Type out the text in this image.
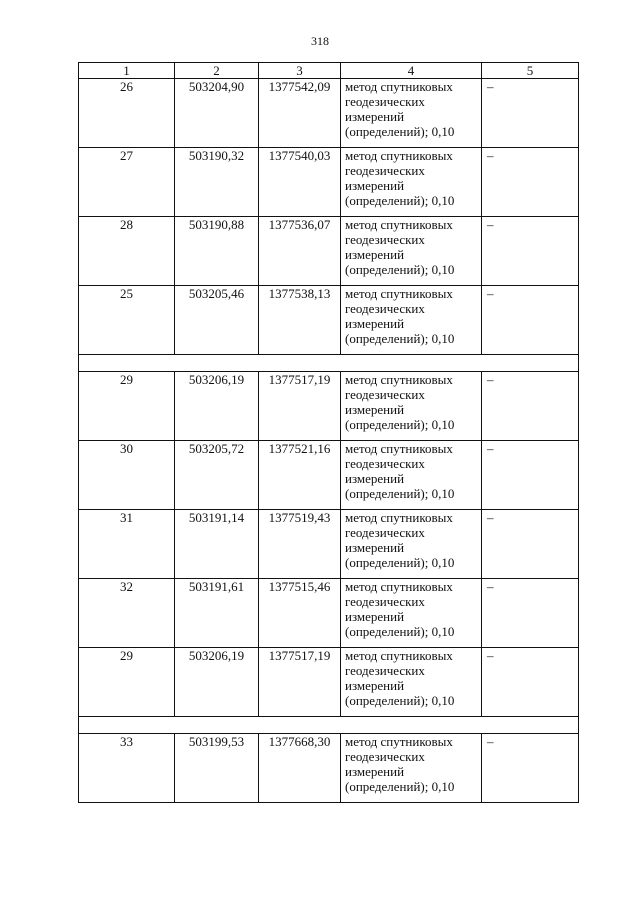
318
1	2	3	4	5
26	503204,90	1377542,09	метод спутниковых геодезических измерений (определений); 0,10	–
27	503190,32	1377540,03	метод спутниковых геодезических измерений (определений); 0,10	–
28	503190,88	1377536,07	метод спутниковых геодезических измерений (определений); 0,10	–
25	503205,46	1377538,13	метод спутниковых геодезических измерений (определений); 0,10	–

29	503206,19	1377517,19	метод спутниковых геодезических измерений (определений); 0,10	–
30	503205,72	1377521,16	метод спутниковых геодезических измерений (определений); 0,10	–
31	503191,14	1377519,43	метод спутниковых геодезических измерений (определений); 0,10	–
32	503191,61	1377515,46	метод спутниковых геодезических измерений (определений); 0,10	–
29	503206,19	1377517,19	метод спутниковых геодезических измерений (определений); 0,10	–

33	503199,53	1377668,30	метод спутниковых геодезических измерений (определений); 0,10	–
